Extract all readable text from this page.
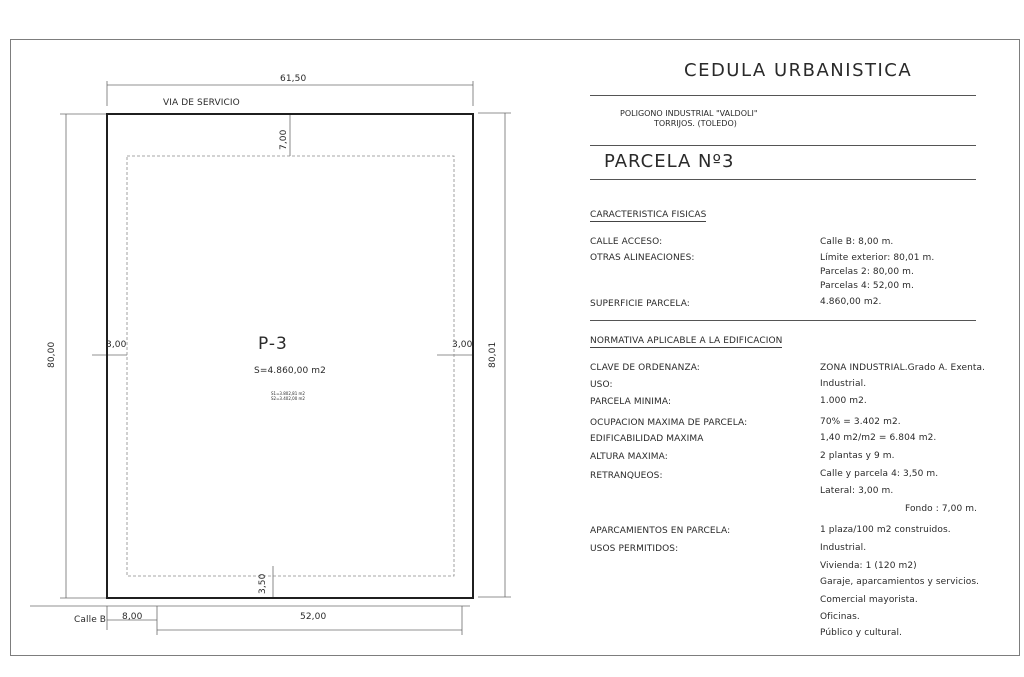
61,50
VIA DE SERVICIO
7,00
80,00	80,01
3,00	3,00
P-3
S=4.860,00 m2
S1=3.802,81 m2
S2=3.402,00 m2
3,50
Calle B 8,00	52,00
CEDULA URBANISTICA
POLIGONO INDUSTRIAL "VALDOLI"
TORRIJOS. (TOLEDO)
PARCELA Nº3
CARACTERISTICA FISICAS
CALLE ACCESO:	Calle B: 8,00 m.
OTRAS ALINEACIONES:	Límite exterior: 80,01 m.
Parcelas 2: 80,00 m.
Parcelas 4: 52,00 m.
SUPERFICIE PARCELA:	4.860,00 m2.
NORMATIVA APLICABLE A LA EDIFICACION
CLAVE DE ORDENANZA:	ZONA INDUSTRIAL.Grado A. Exenta.
USO:	Industrial.
PARCELA MINIMA:	1.000 m2.
OCUPACION MAXIMA DE PARCELA:	70% = 3.402 m2.
EDIFICABILIDAD MAXIMA	1,40 m2/m2 = 6.804 m2.
ALTURA MAXIMA:	2 plantas y 9 m.
RETRANQUEOS:	Calle y parcela 4: 3,50 m.
Lateral: 3,00 m.
Fondo : 7,00 m.
APARCAMIENTOS EN PARCELA:	1 plaza/100 m2 construidos.
USOS PERMITIDOS:	Industrial.
Vivienda: 1 (120 m2)
Garaje, aparcamientos y servicios.
Comercial mayorista.
Oficinas.
Público y cultural.
